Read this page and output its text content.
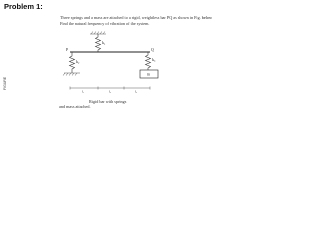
Problem 1:
Three springs and a mass are attached to a rigid, weightless bar PQ as shown in Fig. below
Find the natural frequency of vibration of the system.
k₁
P	Q
k₂	k₃
m
l₁	l₂	l₃
Rigid bar with springs
and mass attached.
FIGURE
